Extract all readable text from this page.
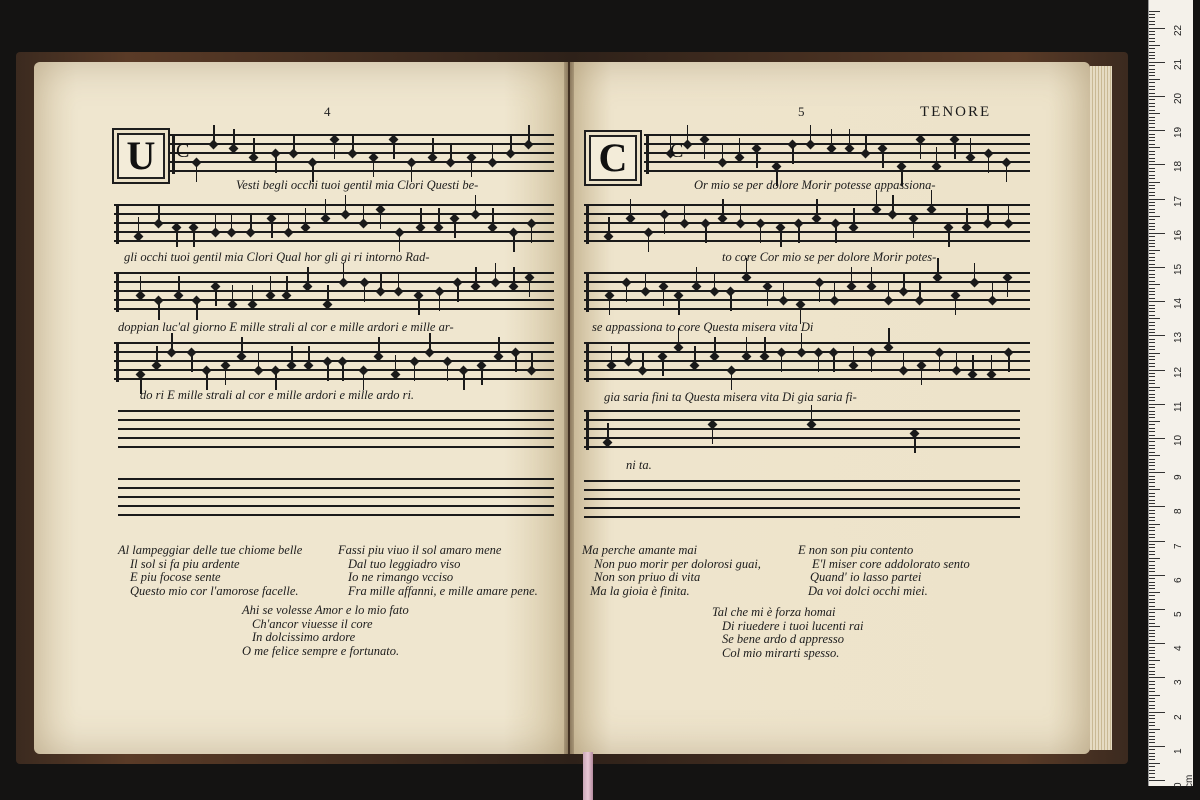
4
U
Vesti begli occhi tuoi gentil mia Clori Questi be-
gli occhi tuoi gentil mia Clori Qual hor gli gi ri intorno Rad-
doppian luc'al giorno E mille strali al cor e mille ardori e mille ar-
do ri E mille strali al cor e mille ardori e mille ardo ri.
Al lampeggiar delle tue chiome belle
Il sol si fa piu ardente
E piu focose sente
Questo mio cor l'amorose facelle.
Fassi piu viuo il sol amaro mene
Dal tuo leggiadro viso
Io ne rimango vcciso
Fra mille affanni, e mille amare pene.
Ahi se volesse Amor e lo mio fato
Ch'ancor viuesse il core
In dolcissimo ardore
O me felice sempre e fortunato.
5	TENORE
C
Or mio se per dolore Morir potesse appassiona-
to core Cor mio se per dolore Morir potes-
se appassiona to core Questa misera vita Di
gia saria fini ta Questa misera vita Di gia saria fi-
ni ta.
Ma perche amante mai
Non puo morir per dolorosi guai,
Non son priuo di vita
Ma la gioia è finita.
E non son piu contento
E'l miser core addolorato sento
Quand' io lasso partei
Da voi dolci occhi miei.
Tal che mi è forza homai
Di riuedere i tuoi lucenti rai
Se bene ardo d appresso
Col mio mirarti spesso.
22
21
20
19
18
17
16
15
14
13
12
11
10
9
8
7
6
5
4
3
2
1
0 cm
C	C
